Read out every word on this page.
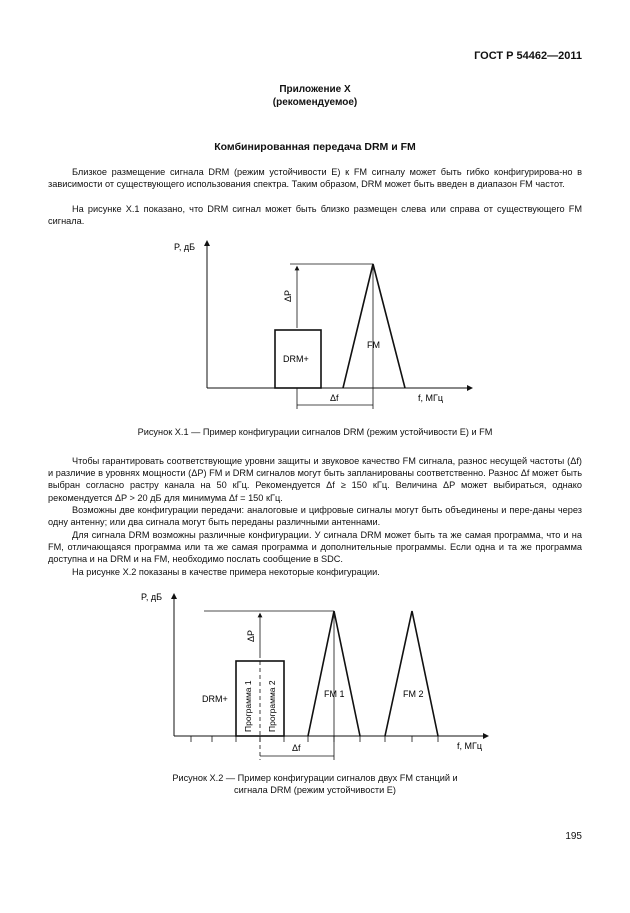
ГОСТ Р 54462—2011
Приложение Х
(рекомендуемое)
Комбинированная передача DRM и FM
Близкое размещение сигнала DRM (режим устойчивости E) к FM сигналу может быть гибко конфигурирова-но в зависимости от существующего использования спектра. Таким образом, DRM может быть введен в диапазон FM частот.
На рисунке Х.1 показано, что DRM сигнал может быть близко размещен слева или справа от существующего FM сигнала.
P, дБ
f, МГц
ΔP
DRM+
FM
Δf
Рисунок Х.1 — Пример конфигурации сигналов DRM (режим устойчивости E) и FM
Чтобы гарантировать соответствующие уровни защиты и звуковое качество FM сигнала, разнос несущей частоты (Δf) и различие в уровнях мощности (ΔP) FM и DRM сигналов могут быть запланированы соответственно. Разнос Δf может быть выбран согласно растру канала на 50 кГц. Рекомендуется Δf ≥ 150 кГц. Величина ΔP может выбираться, однако рекомендуется ΔP > 20 дБ для минимума Δf = 150 кГц.
Возможны две конфигурации передачи: аналоговые и цифровые сигналы могут быть объединены и пере-даны через одну антенну; или два сигнала могут быть переданы различными антеннами.
Для сигнала DRM возможны различные конфигурации. У сигнала DRM может быть та же самая программа, что и на FM, отличающаяся программа или та же самая программа и дополнительные программы. Если одна и та же программа доступна и на DRM и на FM, необходимо послать сообщение в SDC.
На рисунке Х.2 показаны в качестве примера некоторые конфигурации.
P, дБ
f, МГц
ΔP
Программа 1 Программа 2
DRM+	FM 1	FM 2
Δf
Рисунок Х.2 — Пример конфигурации сигналов двух FM станций и
сигнала DRM (режим устойчивости E)
195
